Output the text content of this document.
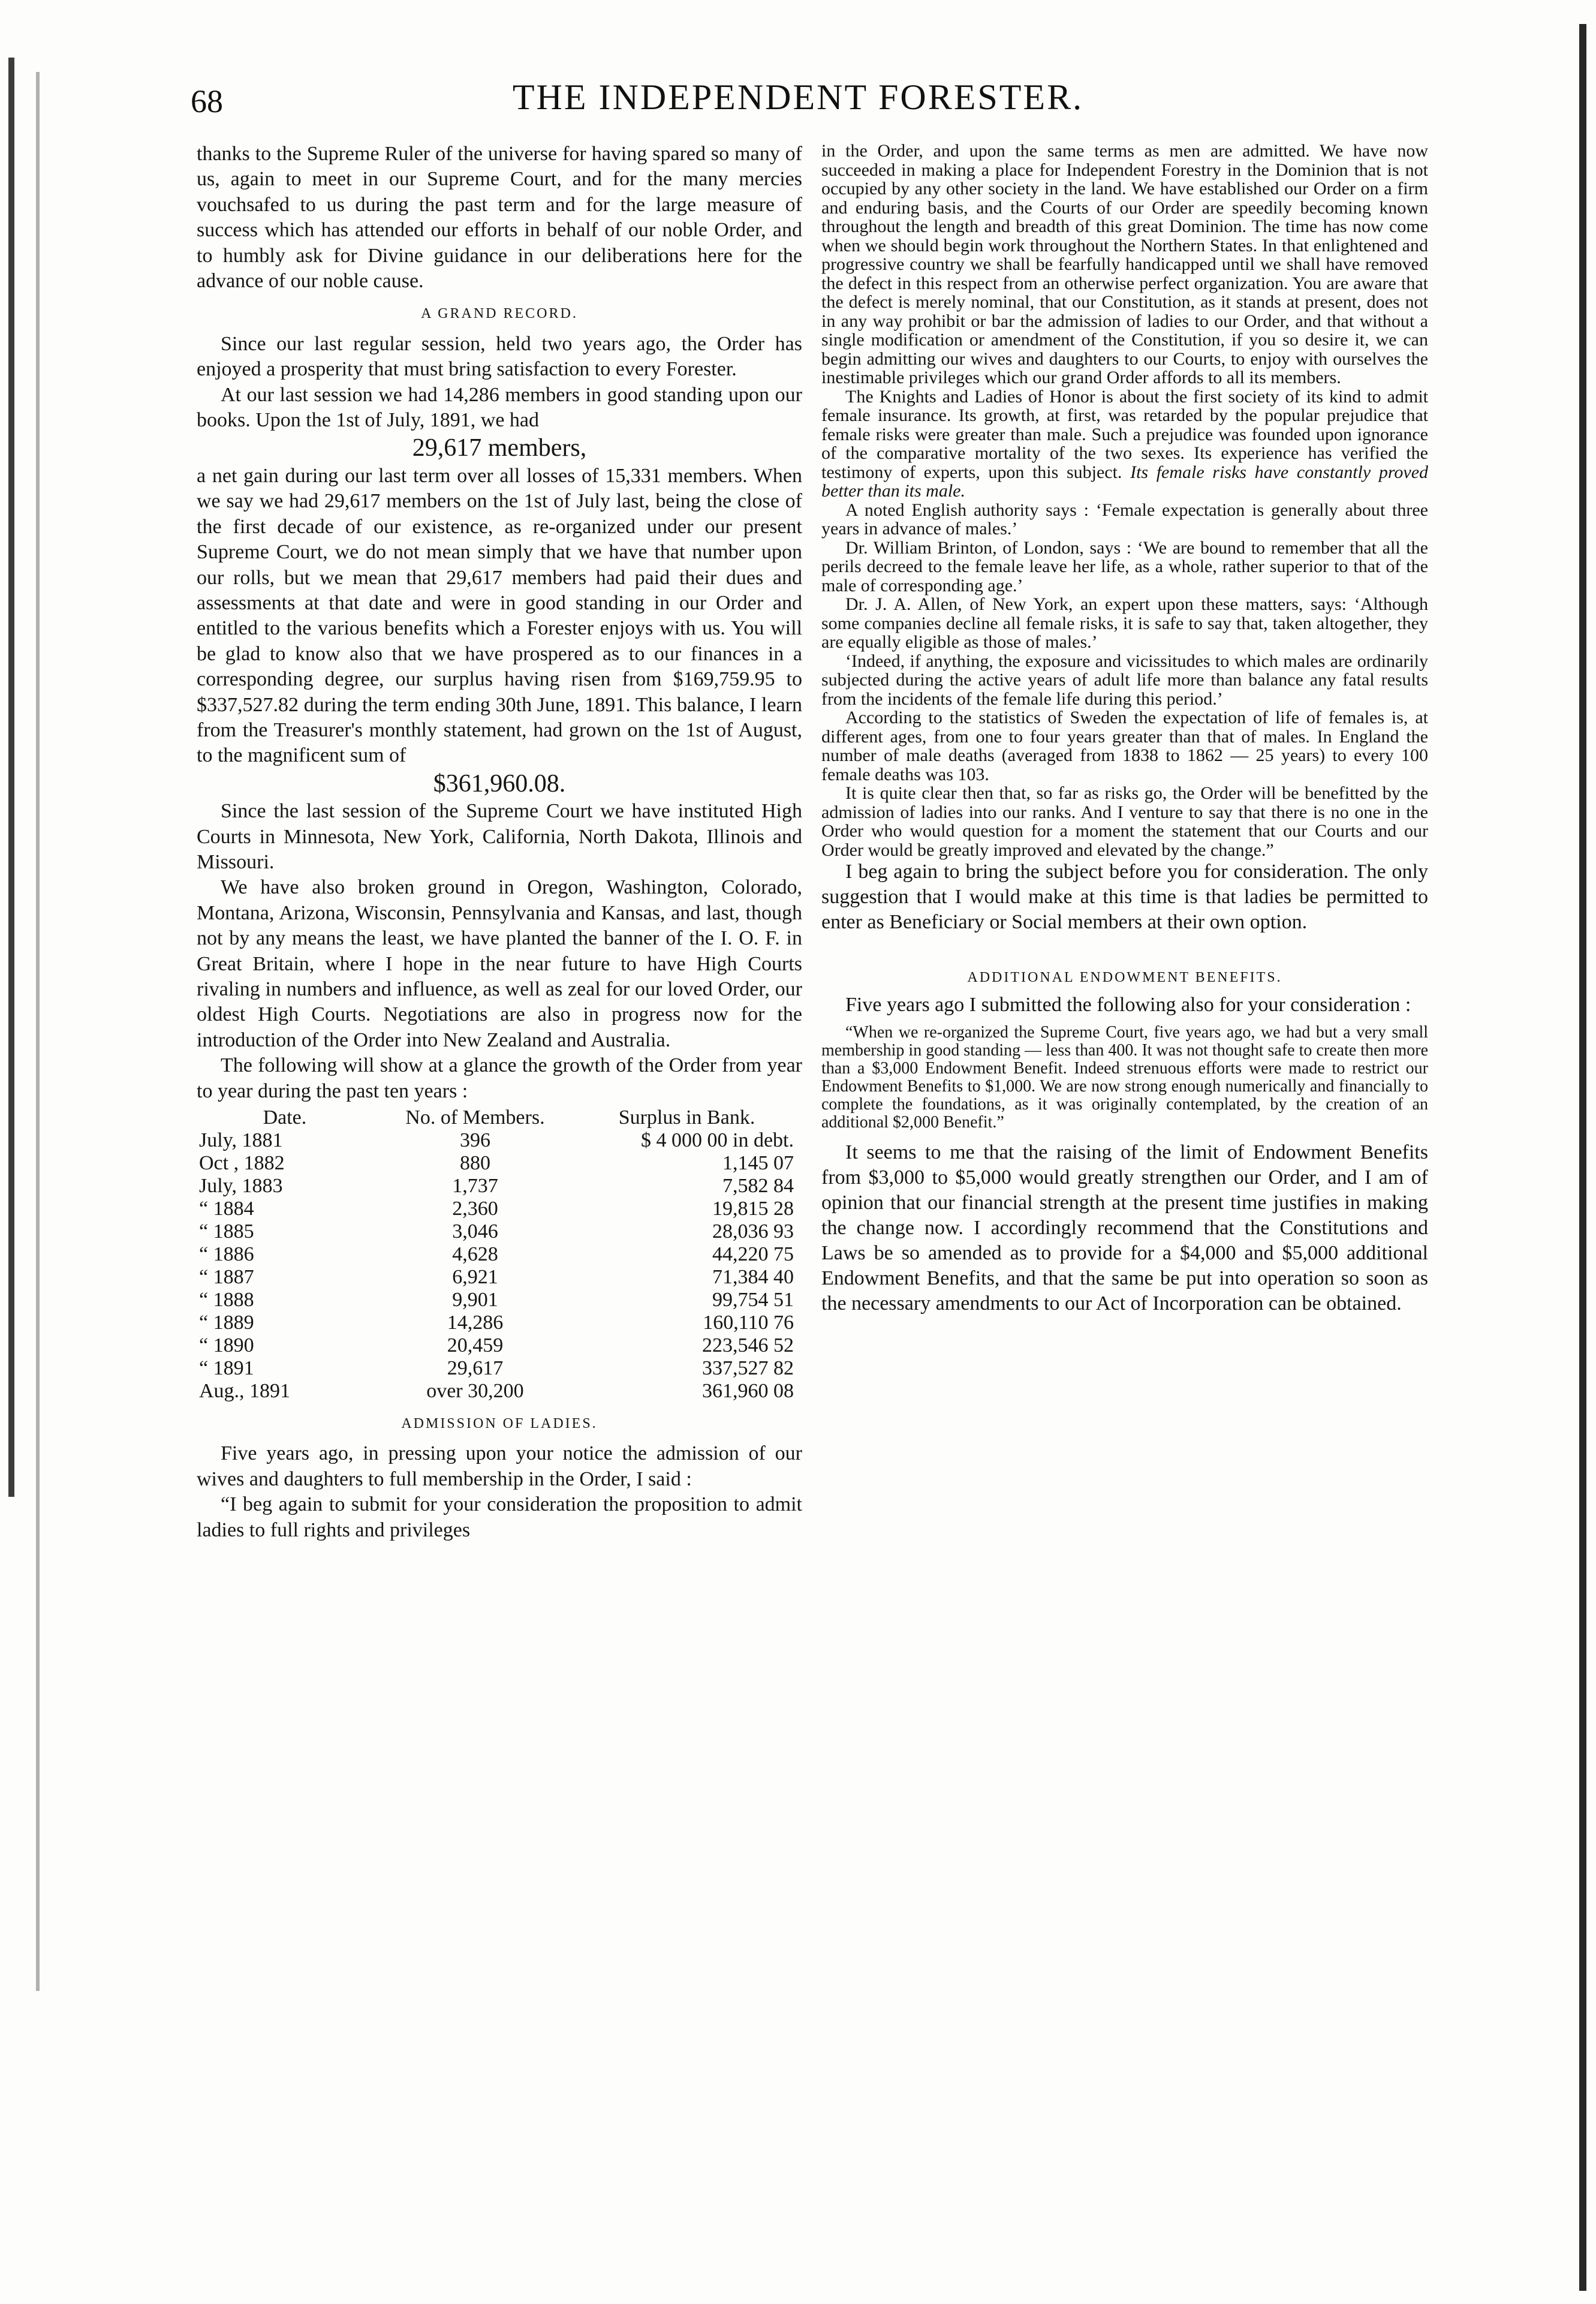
68	THE INDEPENDENT FORESTER.

thanks to the Supreme Ruler of the universe for having spared so many of us, again to meet in our Supreme Court, and for the many mercies vouchsafed to us during the past term and for the large measure of success which has attended our efforts in behalf of our noble Order, and to humbly ask for Divine guidance in our deliberations here for the advance of our noble cause.

A GRAND RECORD.

Since our last regular session, held two years ago, the Order has enjoyed a prosperity that must bring satisfaction to every Forester.

At our last session we had 14,286 members in good standing upon our books. Upon the 1st of July, 1891, we had

29,617 members,

a net gain during our last term over all losses of 15,331 members. When we say we had 29,617 members on the 1st of July last, being the close of the first decade of our existence, as re-organized under our present Supreme Court, we do not mean simply that we have that number upon our rolls, but we mean that 29,617 members had paid their dues and assessments at that date and were in good standing in our Order and entitled to the various benefits which a Forester enjoys with us. You will be glad to know also that we have prospered as to our finances in a corresponding degree, our surplus having risen from $169,759.95 to $337,527.82 during the term ending 30th June, 1891. This balance, I learn from the Treasurer's monthly statement, had grown on the 1st of August, to the magnificent sum of

$361,960.08.

Since the last session of the Supreme Court we have instituted High Courts in Minnesota, New York, California, North Dakota, Illinois and Missouri.

We have also broken ground in Oregon, Washington, Colorado, Montana, Arizona, Wisconsin, Pennsylvania and Kansas, and last, though not by any means the least, we have planted the banner of the I. O. F. in Great Britain, where I hope in the near future to have High Courts rivaling in numbers and influence, as well as zeal for our loved Order, our oldest High Courts. Negotiations are also in progress now for the introduction of the Order into New Zealand and Australia.

The following will show at a glance the growth of the Order from year to year during the past ten years :

Date.	No. of Members.	Surplus in Bank.
July, 1881	396	$ 4 000 00 in debt.
Oct , 1882	880	1,145 07
July, 1883	1,737	7,582 84
“ 1884	2,360	19,815 28
“ 1885	3,046	28,036 93
“ 1886	4,628	44,220 75
“ 1887	6,921	71,384 40
“ 1888	9,901	99,754 51
“ 1889	14,286	160,110 76
“ 1890	20,459	223,546 52
“ 1891	29,617	337,527 82
Aug., 1891	over 30,200	361,960 08
ADMISSION OF LADIES.

Five years ago, in pressing upon your notice the admission of our wives and daughters to full membership in the Order, I said :

“I beg again to submit for your consideration the proposition to admit ladies to full rights and privileges

in the Order, and upon the same terms as men are admitted. We have now succeeded in making a place for Independent Forestry in the Dominion that is not occupied by any other society in the land. We have established our Order on a firm and enduring basis, and the Courts of our Order are speedily becoming known throughout the length and breadth of this great Dominion. The time has now come when we should begin work throughout the Northern States. In that enlightened and progressive country we shall be fearfully handicapped until we shall have removed the defect in this respect from an otherwise perfect organization. You are aware that the defect is merely nominal, that our Constitution, as it stands at present, does not in any way prohibit or bar the admission of ladies to our Order, and that without a single modification or amendment of the Constitution, if you so desire it, we can begin admitting our wives and daughters to our Courts, to enjoy with ourselves the inestimable privileges which our grand Order affords to all its members.

The Knights and Ladies of Honor is about the first society of its kind to admit female insurance. Its growth, at first, was retarded by the popular prejudice that female risks were greater than male. Such a prejudice was founded upon ignorance of the comparative mortality of the two sexes. Its experience has verified the testimony of experts, upon this subject. Its female risks have constantly proved better than its male.

A noted English authority says : ‘Female expectation is generally about three years in advance of males.’

Dr. William Brinton, of London, says : ‘We are bound to remember that all the perils decreed to the female leave her life, as a whole, rather superior to that of the male of corresponding age.’

Dr. J. A. Allen, of New York, an expert upon these matters, says: ‘Although some companies decline all female risks, it is safe to say that, taken altogether, they are equally eligible as those of males.’

‘Indeed, if anything, the exposure and vicissitudes to which males are ordinarily subjected during the active years of adult life more than balance any fatal results from the incidents of the female life during this period.’

According to the statistics of Sweden the expectation of life of females is, at different ages, from one to four years greater than that of males. In England the number of male deaths (averaged from 1838 to 1862 — 25 years) to every 100 female deaths was 103.

It is quite clear then that, so far as risks go, the Order will be benefitted by the admission of ladies into our ranks. And I venture to say that there is no one in the Order who would question for a moment the statement that our Courts and our Order would be greatly improved and elevated by the change.”

I beg again to bring the subject before you for consideration. The only suggestion that I would make at this time is that ladies be permitted to enter as Beneficiary or Social members at their own option.

ADDITIONAL ENDOWMENT BENEFITS.

Five years ago I submitted the following also for your consideration :

“When we re-organized the Supreme Court, five years ago, we had but a very small membership in good standing — less than 400. It was not thought safe to create then more than a $3,000 Endowment Benefit. Indeed strenuous efforts were made to restrict our Endowment Benefits to $1,000. We are now strong enough numerically and financially to complete the foundations, as it was originally contemplated, by the creation of an additional $2,000 Benefit.”

It seems to me that the raising of the limit of Endowment Benefits from $3,000 to $5,000 would greatly strengthen our Order, and I am of opinion that our financial strength at the present time justifies in making the change now. I accordingly recommend that the Constitutions and Laws be so amended as to provide for a $4,000 and $5,000 additional Endowment Benefits, and that the same be put into operation so soon as the necessary amendments to our Act of Incorporation can be obtained.
